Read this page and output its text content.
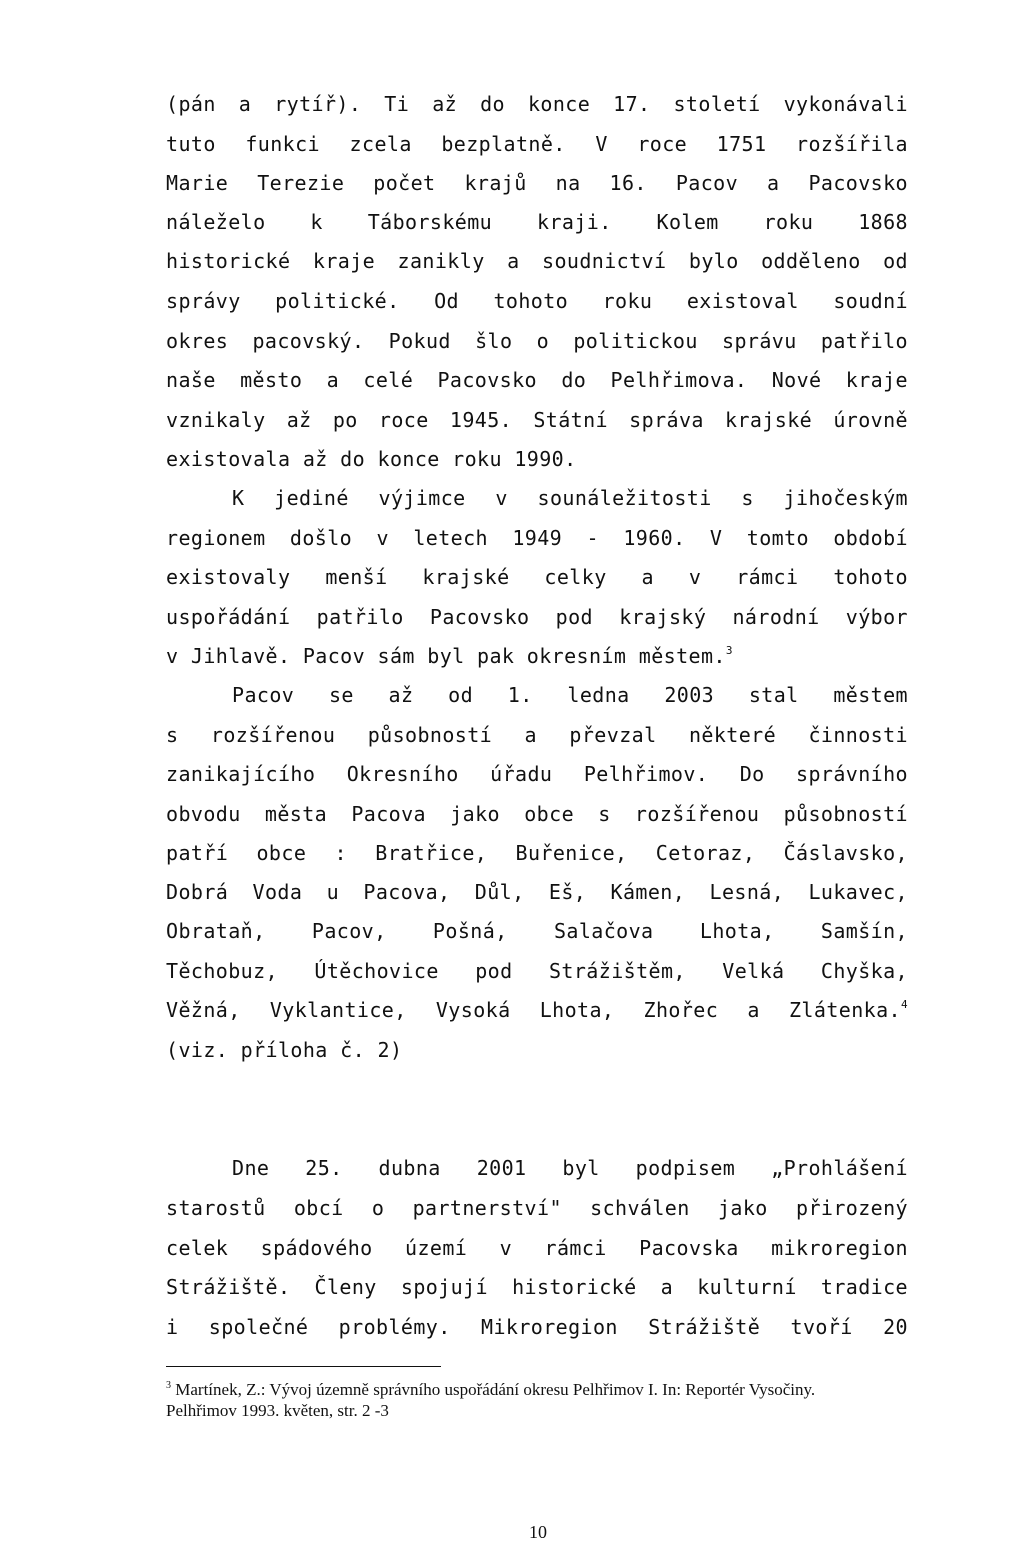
(pán a rytíř). Ti až do konce 17. století vykonávali
tuto funkci zcela bezplatně. V roce 1751 rozšířila
Marie Terezie počet krajů na 16. Pacov a Pacovsko
náleželo k Táborskému kraji. Kolem roku 1868
historické kraje zanikly a soudnictví bylo odděleno od
správy politické. Od tohoto roku existoval soudní
okres pacovský. Pokud šlo o politickou správu patřilo
naše město a celé Pacovsko do Pelhřimova. Nové kraje
vznikaly až po roce 1945. Státní správa krajské úrovně
existovala až do konce roku 1990.
K jediné výjimce v sounáležitosti s jihočeským
regionem došlo v letech 1949 - 1960. V tomto období
existovaly menší krajské celky a v rámci tohoto
uspořádání patřilo Pacovsko pod krajský národní výbor
v Jihlavě. Pacov sám byl pak okresním městem.$^3$
Pacov se až od 1. ledna 2003 stal městem
s rozšířenou působností a převzal některé činnosti
zanikajícího Okresního úřadu Pelhřimov. Do správního
obvodu města Pacova jako obce s rozšířenou působností
patří obce : Bratřice, Buřenice, Cetoraz, Čáslavsko,
Dobrá Voda u Pacova, Důl, Eš, Kámen, Lesná, Lukavec,
Obrataň, Pacov, Pošná, Salačova Lhota, Samšín,
Těchobuz, Útěchovice pod Strážištěm, Velká Chyška,
Věžná, Vyklantice, Vysoká Lhota, Zhořec a Zlátenka.$^4$
(viz. příloha č. 2)
Dne 25. dubna 2001 byl podpisem „Prohlášení
starostů obcí o partnerství" schválen jako přirozený
celek spádového území v rámci Pacovska mikroregion
Strážiště. Členy spojují historické a kulturní tradice
i společné problémy. Mikroregion Strážiště tvoří 20
$^3$ Martínek, Z.: Vývoj územně správního uspořádání okresu Pelhřimov I. In: Reportér Vysočiny.
Pelhřimov 1993. květen, str. 2 -3
10
